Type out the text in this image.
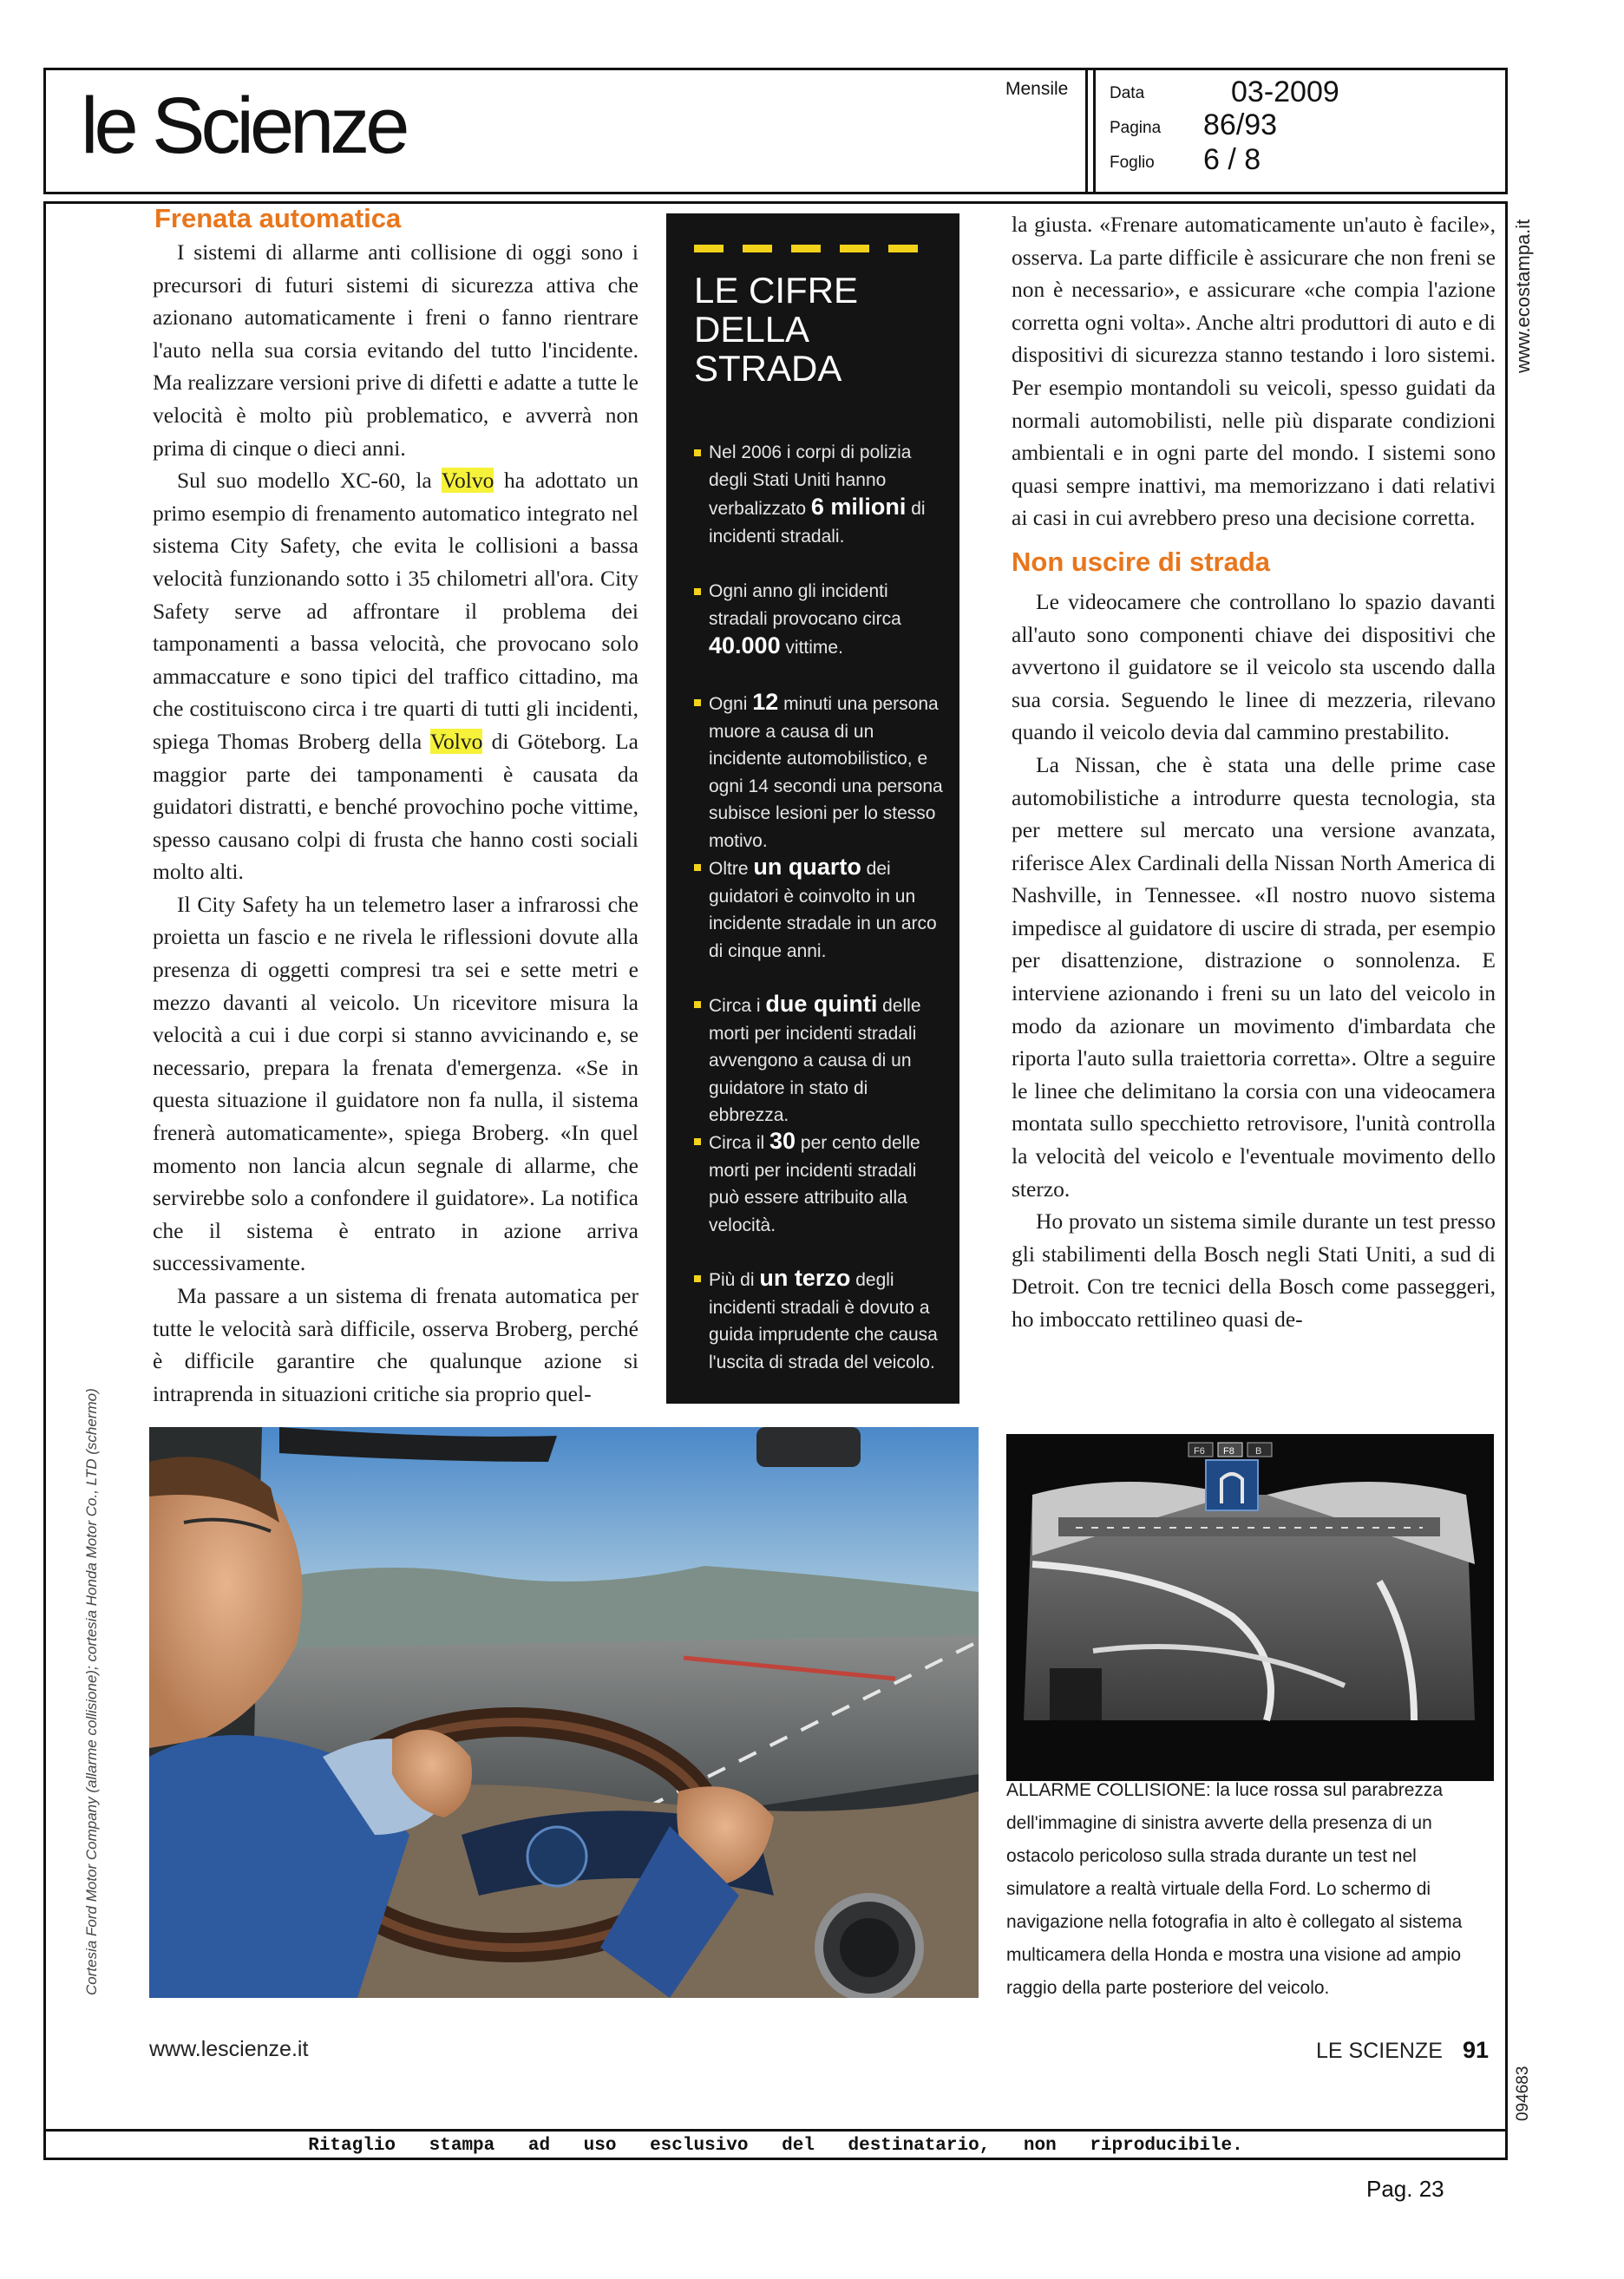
le Scienze	Mensile	Data	03-2009
Pagina 86/93
Foglio 6 / 8
Frenata automatica

I sistemi di allarme anti collisione di oggi sono i precursori di futuri sistemi di sicurezza attiva che azionano automaticamente i freni o fanno rientrare l'auto nella sua corsia evitando del tutto l'incidente. Ma realizzare versioni prive di difetti e adatte a tutte le velocità è molto più problematico, e avverrà non prima di cinque o dieci anni.

Sul suo modello XC-60, la Volvo ha adottato un primo esempio di frenamento automatico integrato nel sistema City Safety, che evita le collisioni a bassa velocità funzionando sotto i 35 chilometri all'ora. City Safety serve ad affrontare il problema dei tamponamenti a bassa velocità, che provocano solo ammaccature e sono tipici del traffico cittadino, ma che costituiscono circa i tre quarti di tutti gli incidenti, spiega Thomas Broberg della Volvo di Göteborg. La maggior parte dei tamponamenti è causata da guidatori distratti, e benché provochino poche vittime, spesso causano colpi di frusta che hanno costi sociali molto alti.

Il City Safety ha un telemetro laser a infrarossi che proietta un fascio e ne rivela le riflessioni dovute alla presenza di oggetti compresi tra sei e sette metri e mezzo davanti al veicolo. Un ricevitore misura la velocità a cui i due corpi si stanno avvicinando e, se necessario, prepara la frenata d'emergenza. «Se in questa situazione il guidatore non fa nulla, il sistema frenerà automaticamente», spiega Broberg. «In quel momento non lancia alcun segnale di allarme, che servirebbe solo a confondere il guidatore». La notifica che il sistema è entrato in azione arriva successivamente.

Ma passare a un sistema di frenata automatica per tutte le velocità sarà difficile, osserva Broberg, perché è difficile garantire che qualunque azione si intraprenda in situazioni critiche sia proprio quel-

LE CIFRE
DELLA
STRADA
Nel 2006 i corpi di polizia degli Stati Uniti hanno verbalizzato 6 milioni di incidenti stradali.
Ogni anno gli incidenti stradali provocano circa 40.000 vittime.
Ogni 12 minuti una persona muore a causa di un incidente automobilistico, e ogni 14 secondi una persona subisce lesioni per lo stesso motivo.
Oltre un quarto dei guidatori è coinvolto in un incidente stradale in un arco di cinque anni.
Circa i due quinti delle morti per incidenti stradali avvengono a causa di un guidatore in stato di ebbrezza.
Circa il 30 per cento delle morti per incidenti stradali può essere attribuito alla velocità.
Più di un terzo degli incidenti stradali è dovuto a guida imprudente che causa l'uscita di strada del veicolo.

la giusta. «Frenare automaticamente un'auto è facile», osserva. La parte difficile è assicurare che non freni se non è necessario», e assicurare «che compia l'azione corretta ogni volta». Anche altri produttori di auto e di dispositivi di sicurezza stanno testando i loro sistemi. Per esempio montandoli su veicoli, spesso guidati da normali automobilisti, nelle più disparate condizioni ambientali e in ogni parte del mondo. I sistemi sono quasi sempre inattivi, ma memorizzano i dati relativi ai casi in cui avrebbero preso una decisione corretta.

Non uscire di strada

Le videocamere che controllano lo spazio davanti all'auto sono componenti chiave dei dispositivi che avvertono il guidatore se il veicolo sta uscendo dalla sua corsia. Seguendo le linee di mezzeria, rilevano quando il veicolo devia dal cammino prestabilito.

La Nissan, che è stata una delle prime case automobilistiche a introdurre questa tecnologia, sta per mettere sul mercato una versione avanzata, riferisce Alex Cardinali della Nissan North America di Nashville, in Tennessee. «Il nostro nuovo sistema impedisce al guidatore di uscire di strada, per esempio per disattenzione, distrazione o sonnolenza. E interviene azionando i freni su un lato del veicolo in modo da azionare un movimento d'imbardata che riporta l'auto sulla traiettoria corretta». Oltre a seguire le linee che delimitano la corsia con una videocamera montata sullo specchietto retrovisore, l'unità controlla la velocità del veicolo e l'eventuale movimento dello sterzo.

Ho provato un sistema simile durante un test presso gli stabilimenti della Bosch negli Stati Uniti, a sud di Detroit. Con tre tecnici della Bosch come passeggeri, ho imboccato rettilineo quasi de-

www.ecostampa.it
Cortesia Ford Motor Company (allarme collisione); cortesia Honda Motor Co., LTD (schermo)	F6 F8 B
ALLARME COLLISIONE: la luce rossa sul parabrezza dell'immagine di sinistra avverte della presenza di un ostacolo pericoloso sulla strada durante un test nel simulatore a realtà virtuale della Ford. Lo schermo di navigazione nella fotografia in alto è collegato al sistema multicamera della Honda e mostra una visione ad ampio raggio della parte posteriore del veicolo.
www.lescienze.it	LE SCIENZE 91
094683
Ritaglio stampa ad uso esclusivo del destinatario, non riproducibile.
Pag. 23
